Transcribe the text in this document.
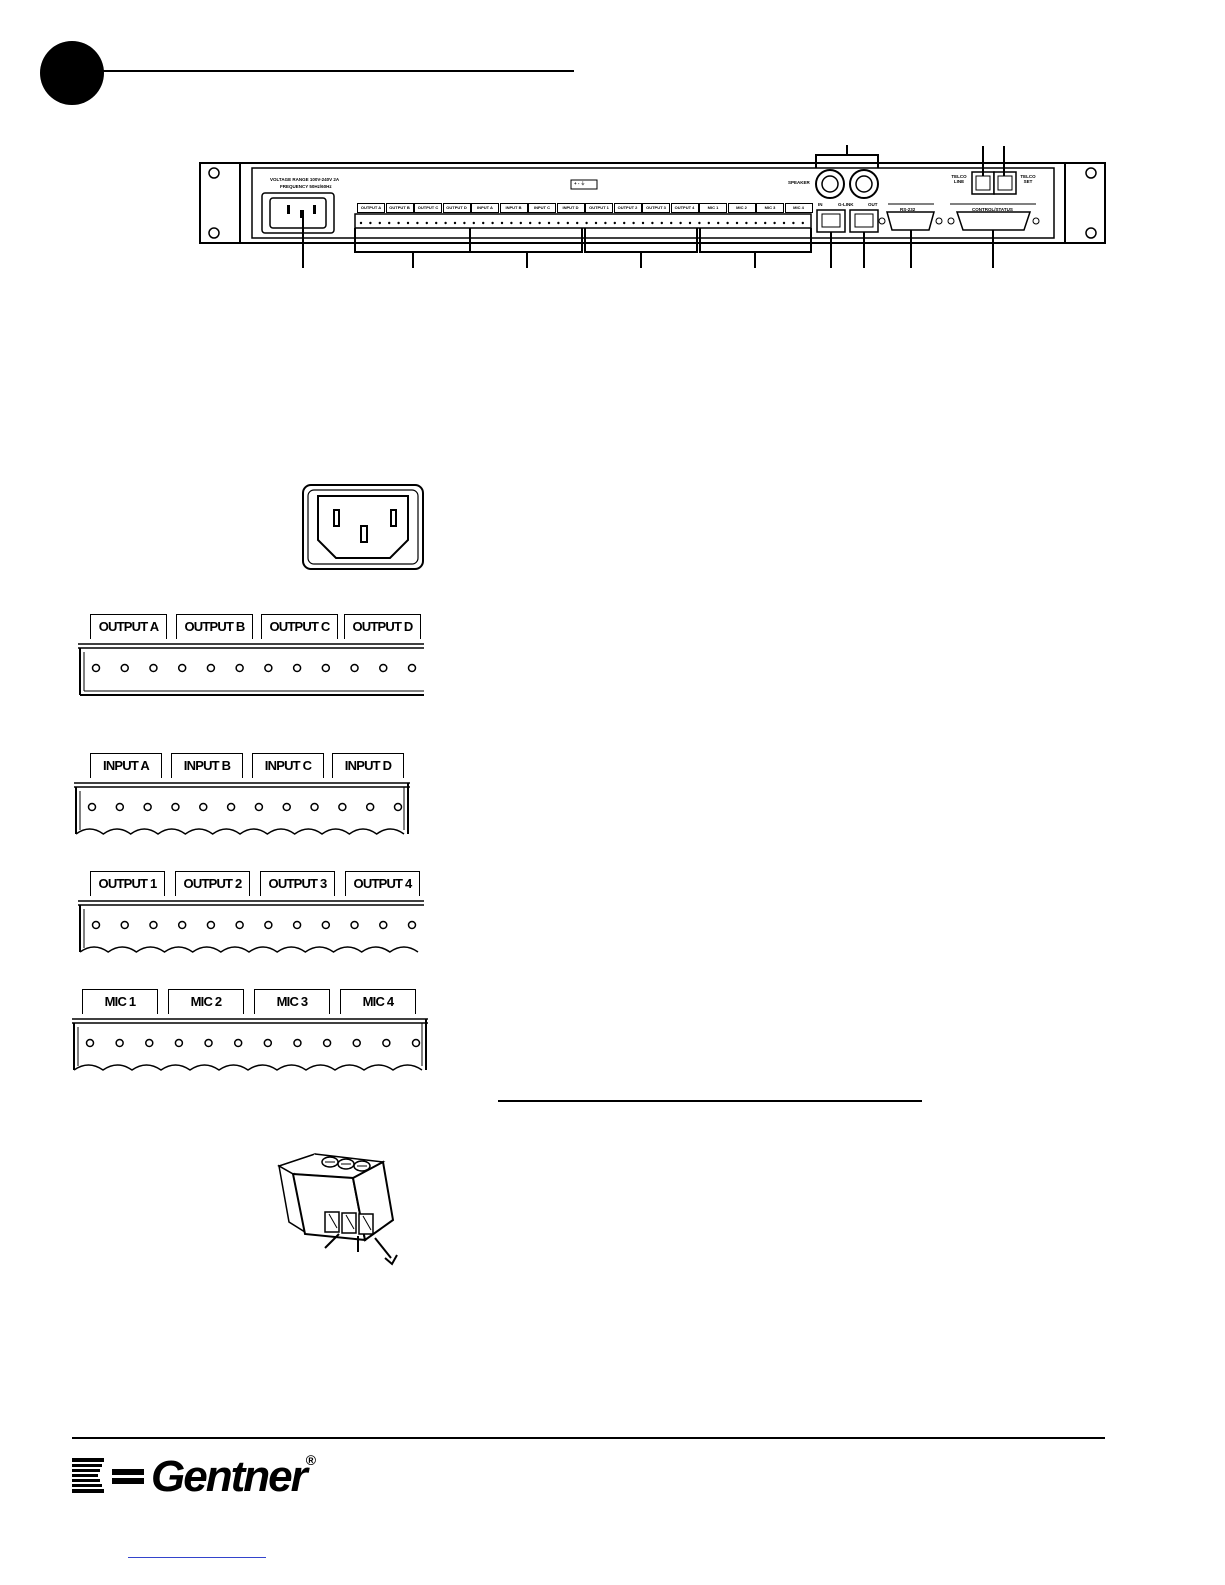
VOLTAGE RANGE 100V-240V 2A
FREQUENCY 50Hz/60Hz
+ - ⏚	SPEAKER
TELCO LINE
TELCO SET
IN	G-LINK	OUT
RS-232	CONTROL/STATUS
OUTPUT A	OUTPUT B	OUTPUT C	OUTPUT D	INPUT A	INPUT B	INPUT C	INPUT D	OUTPUT 1	OUTPUT 2	OUTPUT 3	OUTPUT 4	MIC 1	MIC 2	MIC 3	MIC 4
OUTPUT A	OUTPUT B	OUTPUT C	OUTPUT D
INPUT A	INPUT B	INPUT C	INPUT D
OUTPUT 1	OUTPUT 2	OUTPUT 3	OUTPUT 4
MIC 1	MIC 2	MIC 3	MIC 4
Gentner®
